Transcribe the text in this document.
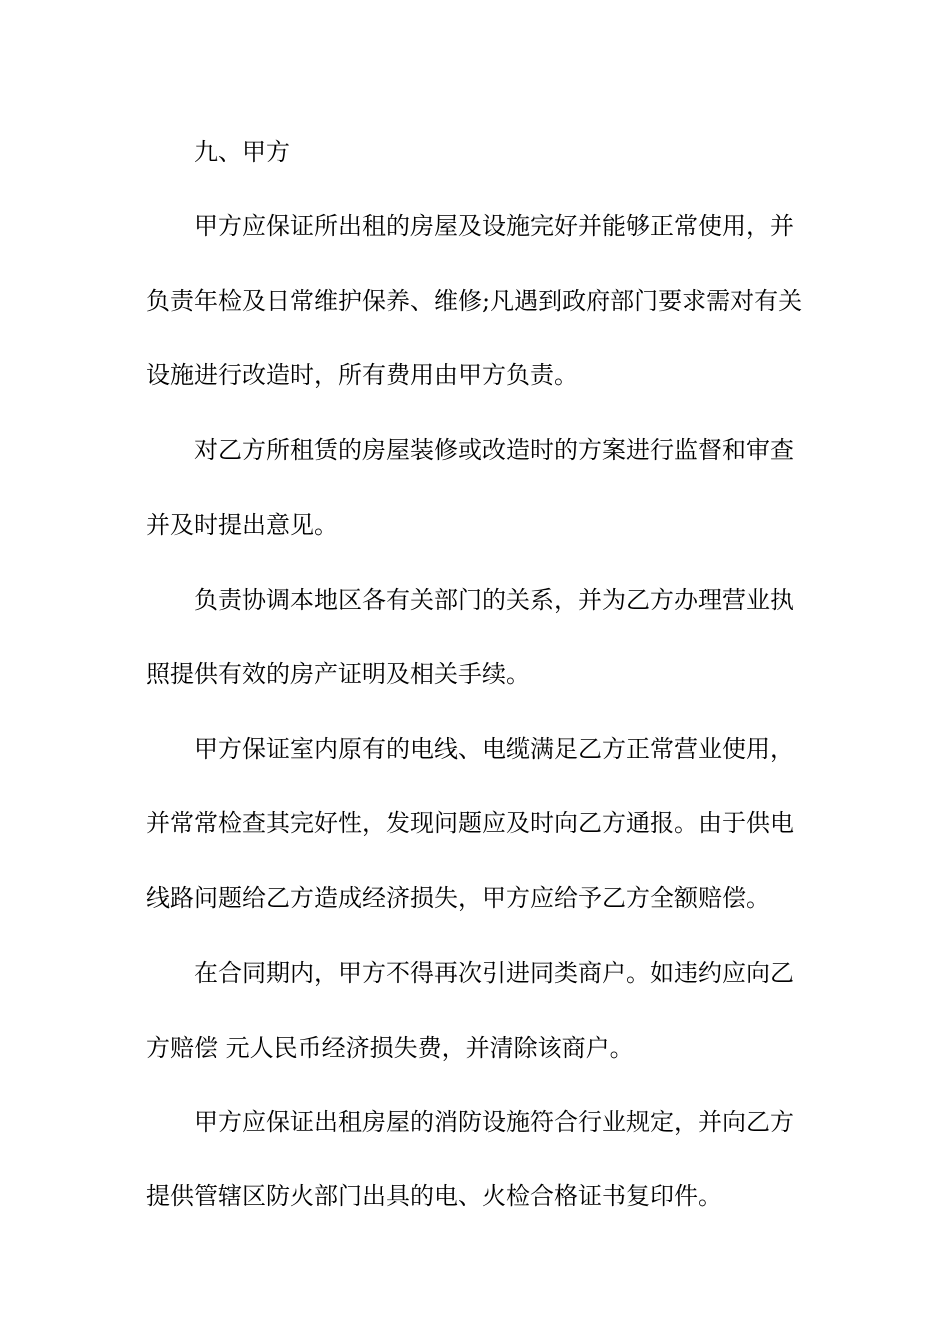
九、甲方
甲方应保证所出租的房屋及设施完好并能够正常使用，并
负责年检及日常维护保养、维修;凡遇到政府部门要求需对有关
设施进行改造时，所有费用由甲方负责。
对乙方所租赁的房屋装修或改造时的方案进行监督和审查
并及时提出意见。
负责协调本地区各有关部门的关系，并为乙方办理营业执
照提供有效的房产证明及相关手续。
甲方保证室内原有的电线、电缆满足乙方正常营业使用，
并常常检查其完好性，发现问题应及时向乙方通报。由于供电
线路问题给乙方造成经济损失，甲方应给予乙方全额赔偿。
在合同期内，甲方不得再次引进同类商户。如违约应向乙
方赔偿 元人民币经济损失费，并清除该商户。
甲方应保证出租房屋的消防设施符合行业规定，并向乙方
提供管辖区防火部门出具的电、火检合格证书复印件。
